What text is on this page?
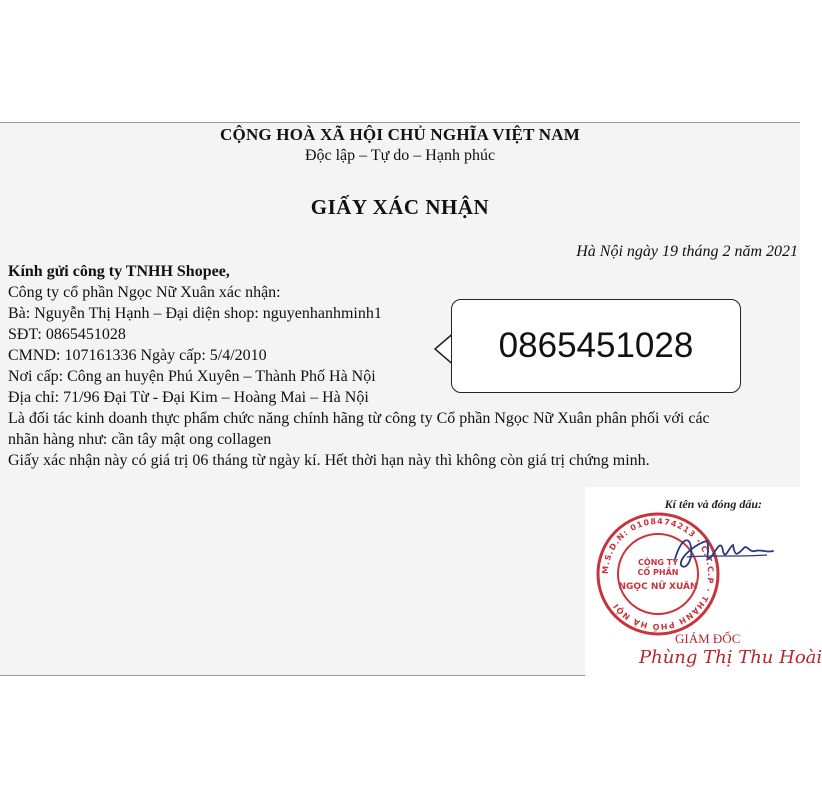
CỘNG HOÀ XÃ HỘI CHỦ NGHĨA VIỆT NAM
Độc lập – Tự do – Hạnh phúc
GIẤY XÁC NHẬN
Hà Nội ngày 19 tháng 2 năm 2021
Kính gửi công ty TNHH Shopee,
Công ty cổ phần Ngọc Nữ Xuân xác nhận:
Bà: Nguyễn Thị Hạnh – Đại diện shop: nguyenhanhminh1
SĐT: 0865451028
CMND: 107161336 Ngày cấp: 5/4/2010
Nơi cấp: Công an huyện Phú Xuyên – Thành Phố Hà Nội
Địa chỉ: 71/96 Đại Từ - Đại Kim – Hoàng Mai – Hà Nội
Là đối tác kinh doanh thực phẩm chức năng chính hãng từ công ty Cổ phần Ngọc Nữ Xuân phân phối với các
nhãn hàng như: cần tây mật ong collagen
Giấy xác nhận này có giá trị 06 tháng từ ngày kí. Hết thời hạn này thì không còn giá trị chứng minh.
0865451028
Kí tên và đóng dấu:
M.S.D.N: 0108474213 - C.T.C.P · THÀNH PHỐ HÀ NỘI
CÔNG TY
CỔ PHẦN
NGỌC NỮ XUÂN
GIÁM ĐỐC
Phùng Thị Thu Hoài
